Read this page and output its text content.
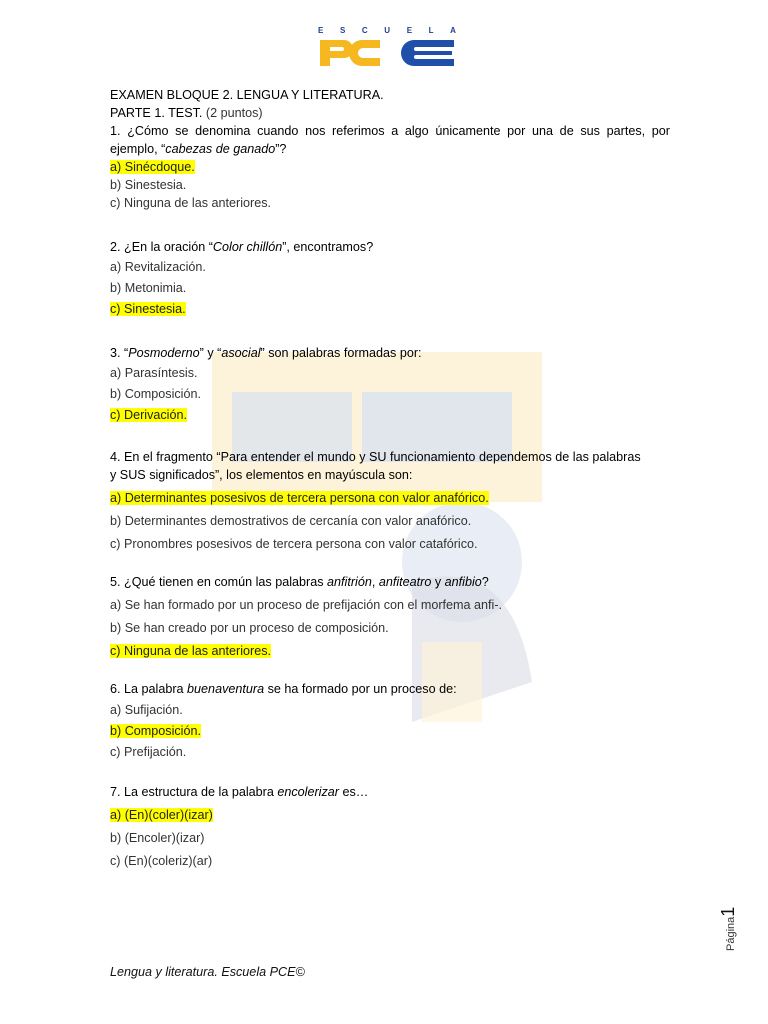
E S C U E L A
EXAMEN BLOQUE 2. LENGUA Y LITERATURA.
PARTE 1. TEST. (2 puntos)
1. ¿Cómo se denomina cuando nos referimos a algo únicamente por una de sus partes, por ejemplo, “cabezas de ganado”?
a) Sinécdoque.
b) Sinestesia.
c) Ninguna de las anteriores.
2. ¿En la oración “Color chillón”, encontramos?
a) Revitalización.
b) Metonimia.
c) Sinestesia.
3. “Posmoderno” y “asocial” son palabras formadas por:
a) Parasíntesis.
b) Composición.
c) Derivación.
4. En el fragmento “Para entender el mundo y SU funcionamiento dependemos de las palabras
y SUS significados”, los elementos en mayúscula son:
a) Determinantes posesivos de tercera persona con valor anafórico.
b) Determinantes demostrativos de cercanía con valor anafórico.
c) Pronombres posesivos de tercera persona con valor catafórico.
5. ¿Qué tienen en común las palabras anfitrión, anfiteatro y anfibio?
a) Se han formado por un proceso de prefijación con el morfema anfi-.
b) Se han creado por un proceso de composición.
c) Ninguna de las anteriores.
6. La palabra buenaventura se ha formado por un proceso de:
a) Sufijación.
b) Composición.
c) Prefijación.
7. La estructura de la palabra encolerizar es…
a) (En)(coler)(izar)
b) (Encoler)(izar)
c) (En)(coleriz)(ar)
Página1
Lengua y literatura. Escuela PCE©
